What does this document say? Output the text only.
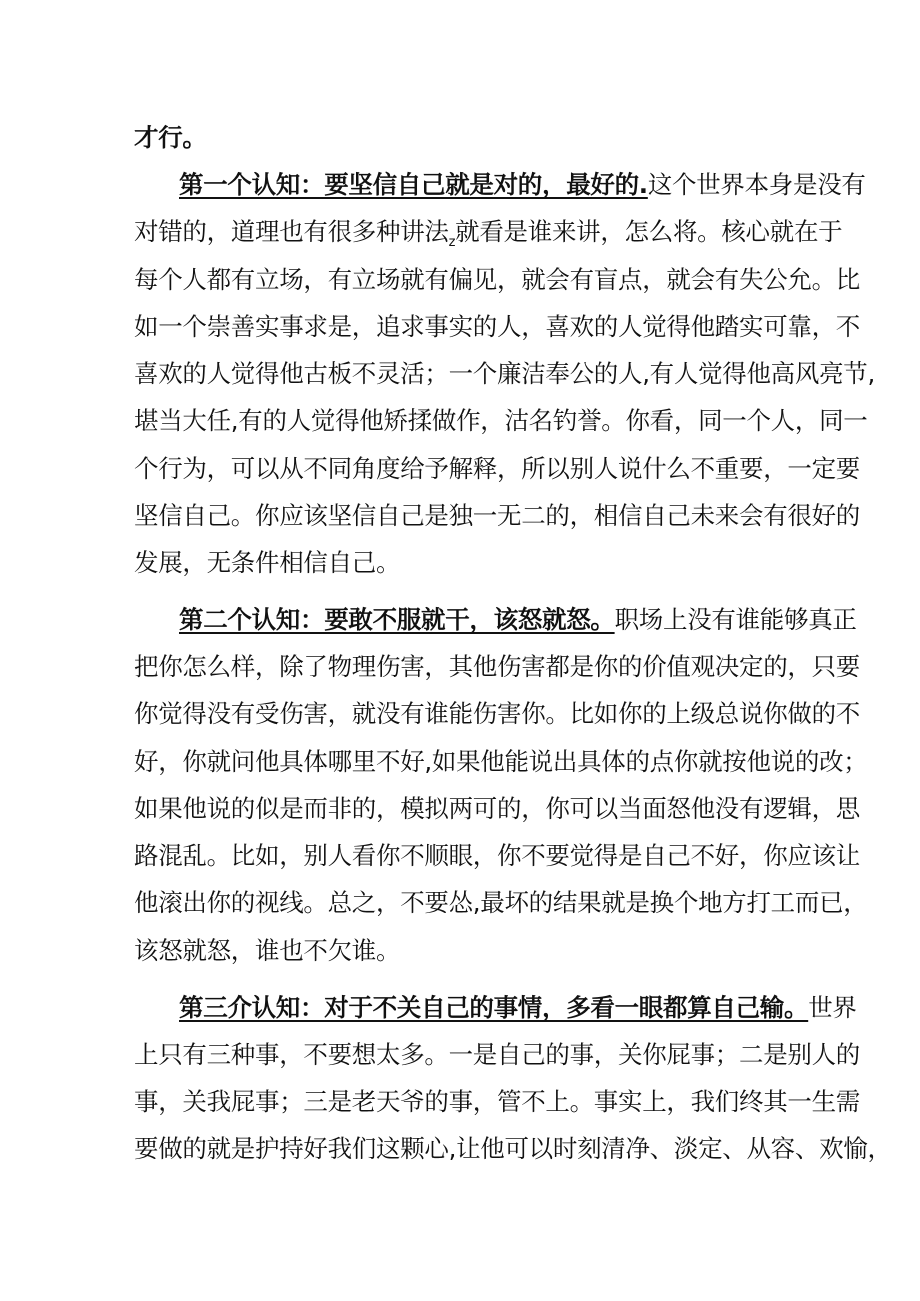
才行。
第一个认知：要坚信自己就是对的，最好的.这个世界本身是没有
对错的，道理也有很多种讲法$_z$就看是谁来讲，怎么将。核心就在于
每个人都有立场，有立场就有偏见，就会有盲点，就会有失公允。比
如一个崇善实事求是，追求事实的人，喜欢的人觉得他踏实可靠，不
喜欢的人觉得他古板不灵活；一个廉洁奉公的人,有人觉得他高风亮节,
堪当大任,有的人觉得他矫揉做作，沽名钓誉。你看，同一个人，同一
个行为，可以从不同角度给予解释，所以别人说什么不重要，一定要
坚信自己。你应该坚信自己是独一无二的，相信自己未来会有很好的
发展，无条件相信自己。
第二个认知：要敢不服就干，该怒就怒。职场上没有谁能够真正
把你怎么样，除了物理伤害，其他伤害都是你的价值观决定的，只要
你觉得没有受伤害，就没有谁能伤害你。比如你的上级总说你做的不
好，你就问他具体哪里不好,如果他能说出具体的点你就按他说的改；
如果他说的似是而非的，模拟两可的，你可以当面怒他没有逻辑，思
路混乱。比如，别人看你不顺眼，你不要觉得是自己不好，你应该让
他滚出你的视线。总之，不要怂,最坏的结果就是换个地方打工而已，
该怒就怒，谁也不欠谁。
第三介认知：对于不关自己的事情，多看一眼都算自己输。世界
上只有三种事，不要想太多。一是自己的事，关你屁事；二是别人的
事，关我屁事；三是老天爷的事，管不上。事实上，我们终其一生需
要做的就是护持好我们这颗心,让他可以时刻清净、淡定、从容、欢愉，
